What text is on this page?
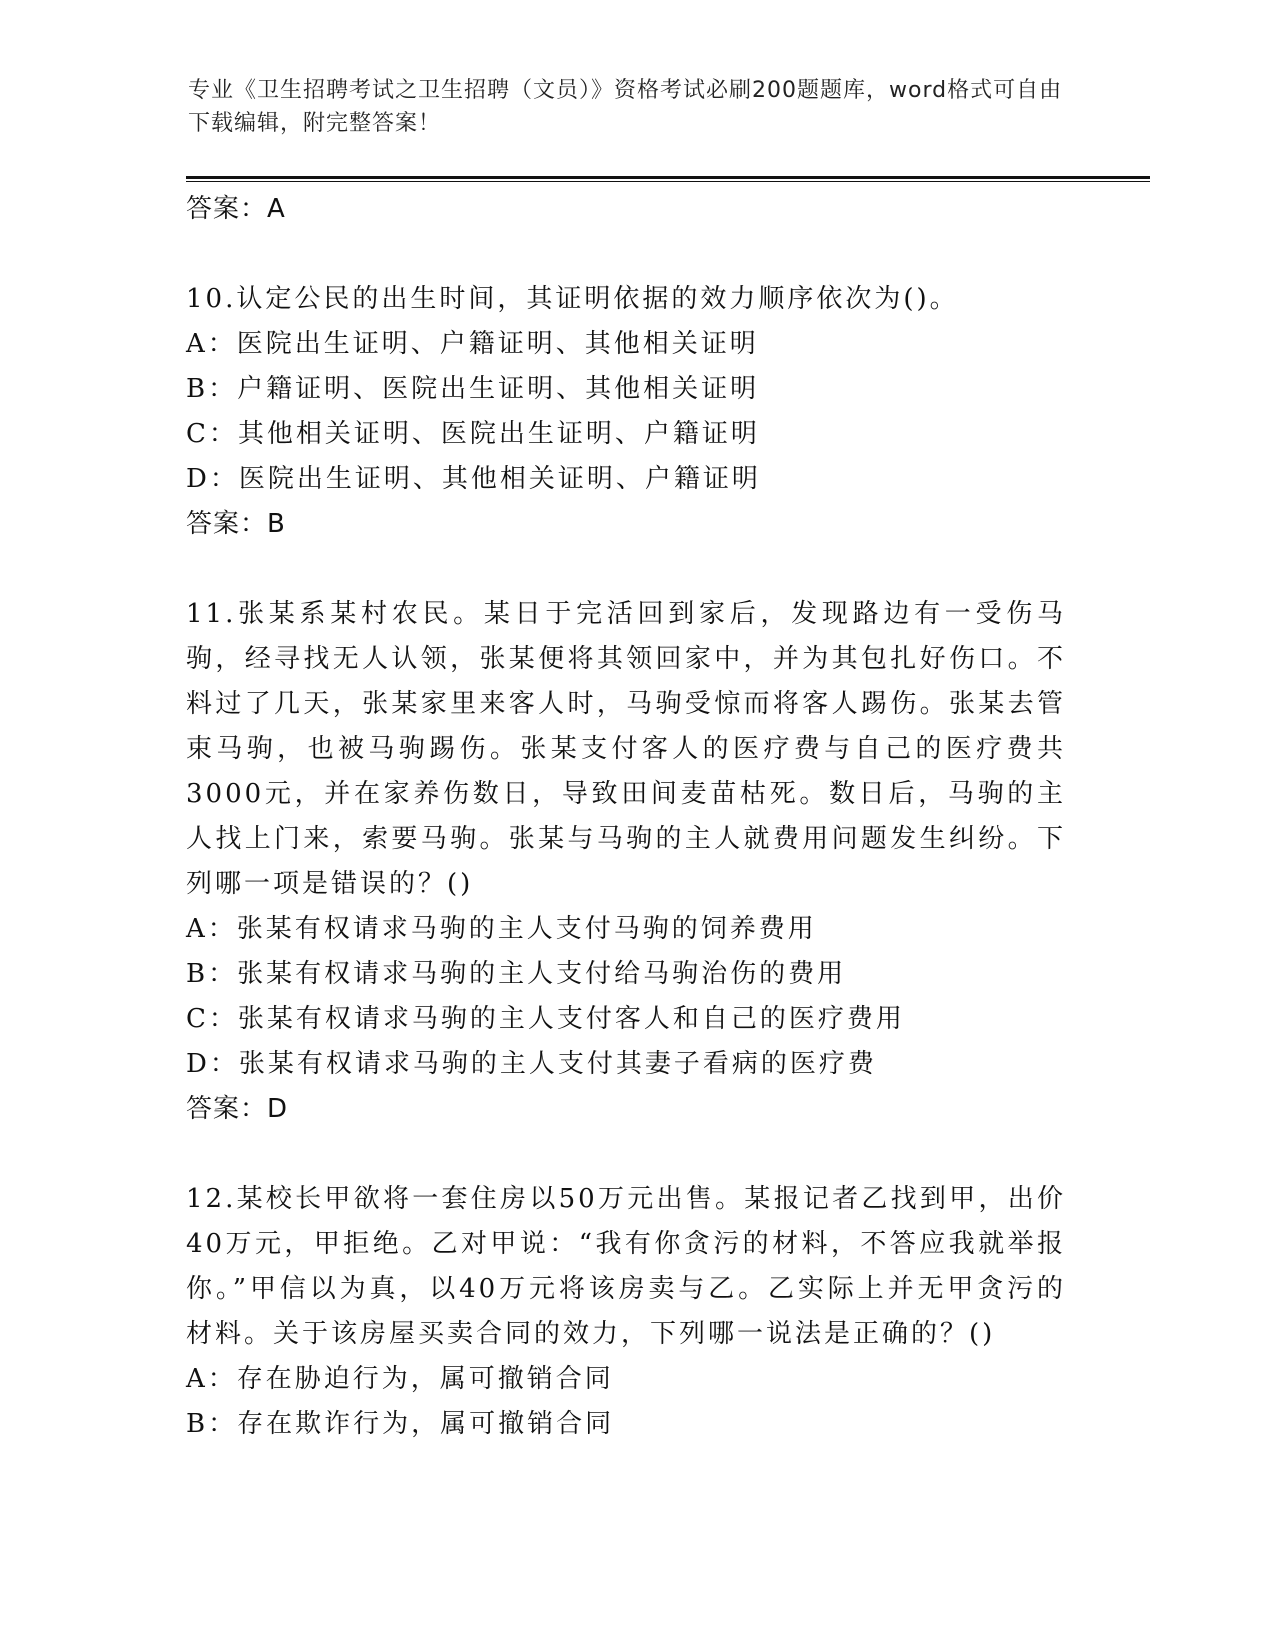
专业《卫生招聘考试之卫生招聘（文员）》资格考试必刷200题题库，word格式可自由下载编辑，附完整答案！
答案：A

10.认定公民的出生时间，其证明依据的效力顺序依次为()。

A：医院出生证明、户籍证明、其他相关证明

B：户籍证明、医院出生证明、其他相关证明

C：其他相关证明、医院出生证明、户籍证明

D：医院出生证明、其他相关证明、户籍证明

答案：B

11.张某系某村农民。某日于完活回到家后，发现路边有一受伤马驹，经寻找无人认领，张某便将其领回家中，并为其包扎好伤口。不料过了几天，张某家里来客人时，马驹受惊而将客人踢伤。张某去管束马驹，也被马驹踢伤。张某支付客人的医疗费与自己的医疗费共3000元，并在家养伤数日，导致田间麦苗枯死。数日后，马驹的主人找上门来，索要马驹。张某与马驹的主人就费用问题发生纠纷。下列哪一项是错误的？()

A：张某有权请求马驹的主人支付马驹的饲养费用

B：张某有权请求马驹的主人支付给马驹治伤的费用

C：张某有权请求马驹的主人支付客人和自己的医疗费用

D：张某有权请求马驹的主人支付其妻子看病的医疗费

答案：D

12.某校长甲欲将一套住房以50万元出售。某报记者乙找到甲，出价40万元，甲拒绝。乙对甲说：“我有你贪污的材料，不答应我就举报你。”甲信以为真，以40万元将该房卖与乙。乙实际上并无甲贪污的材料。关于该房屋买卖合同的效力，下列哪一说法是正确的？()

A：存在胁迫行为，属可撤销合同

B：存在欺诈行为，属可撤销合同
